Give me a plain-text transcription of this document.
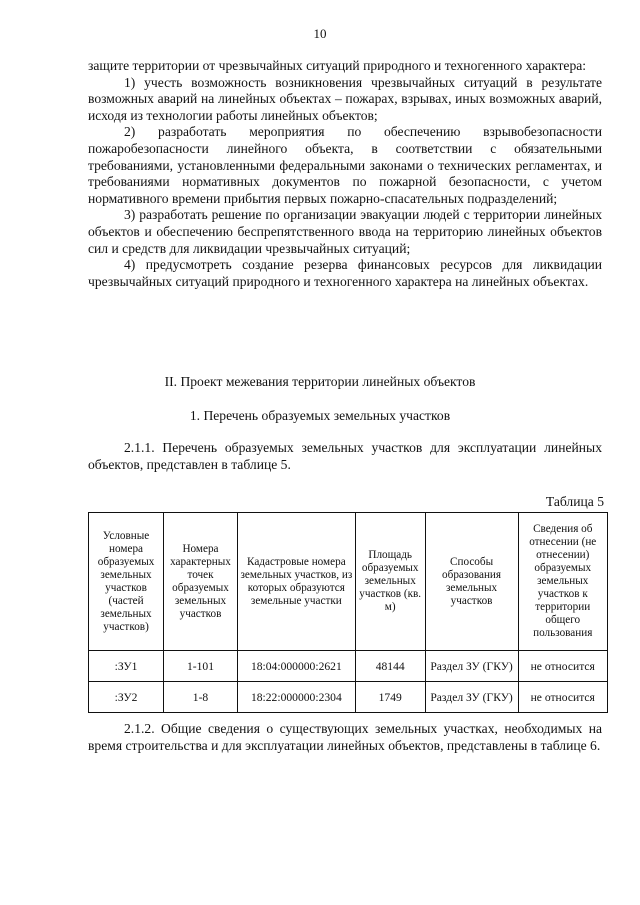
10

защите территории от чрезвычайных ситуаций природного и техногенного характера:

1) учесть возможность возникновения чрезвычайных ситуаций в результате возможных аварий на линейных объектах – пожарах, взрывах, иных возможных аварий, исходя из технологии работы линейных объектов;

2) разработать мероприятия по обеспечению взрывобезопасности пожаробезопасности линейного объекта, в соответствии с обязательными требованиями, установленными федеральными законами о технических регламентах, и требованиями нормативных документов по пожарной безопасности, с учетом нормативного времени прибытия первых пожарно-спасательных подразделений;

3) разработать решение по организации эвакуации людей с территории линейных объектов и обеспечению беспрепятственного ввода на территорию линейных объектов сил и средств для ликвидации чрезвычайных ситуаций;

4) предусмотреть создание резерва финансовых ресурсов для ликвидации чрезвычайных ситуаций природного и техногенного характера на линейных объектах.

II. Проект межевания территории линейных объектов
1. Перечень образуемых земельных участков

2.1.1. Перечень образуемых земельных участков для эксплуатации линейных объектов, представлен в таблице 5.

Таблица 5
Условные номера образуемых земельных участков (частей земельных участков)	Номера характерных точек образуемых земельных участков	Кадастровые номера земельных участков, из которых образуются земельные участки	Площадь образуемых земельных участков (кв. м)	Способы образования земельных участков	Сведения об отнесении (не отнесении) образуемых земельных участков к территории общего пользования
:ЗУ1	1-101	18:04:000000:2621	48144	Раздел ЗУ (ГКУ)	не относится
:ЗУ2	1-8	18:22:000000:2304	1749	Раздел ЗУ (ГКУ)	не относится

2.1.2. Общие сведения о существующих земельных участках, необходимых на время строительства и для эксплуатации линейных объектов, представлены в таблице 6.
